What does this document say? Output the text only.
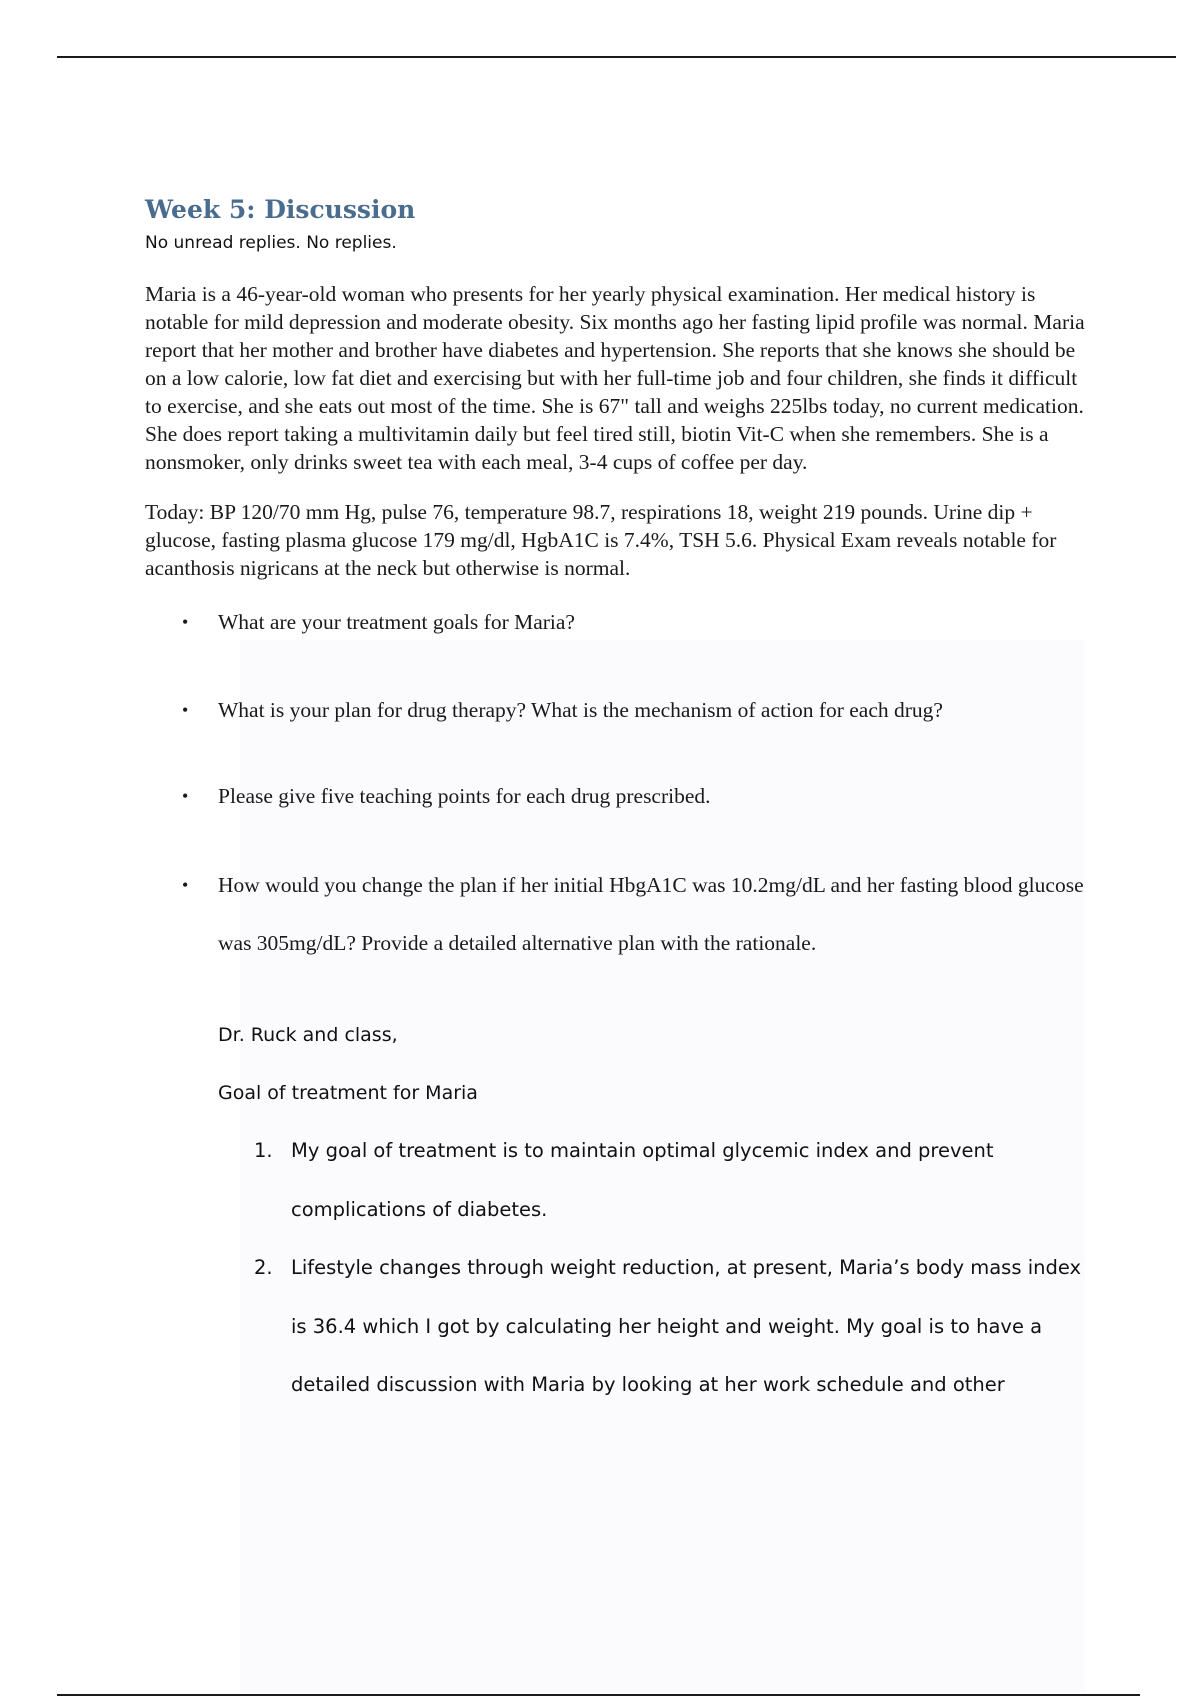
Week 5: Discussion
No unread replies. No replies.

Maria is a 46-year-old woman who presents for her yearly physical examination. Her medical history is notable for mild depression and moderate obesity. Six months ago her fasting lipid profile was normal. Maria report that her mother and brother have diabetes and hypertension. She reports that she knows she should be on a low calorie, low fat diet and exercising but with her full-time job and four children, she finds it difficult to exercise, and she eats out most of the time. She is 67" tall and weighs 225lbs today, no current medication. She does report taking a multivitamin daily but feel tired still, biotin Vit-C when she remembers. She is a nonsmoker, only drinks sweet tea with each meal, 3-4 cups of coffee per day.

Today: BP 120/70 mm Hg, pulse 76, temperature 98.7, respirations 18, weight 219 pounds. Urine dip + glucose, fasting plasma glucose 179 mg/dl, HgbA1C is 7.4%, TSH 5.6. Physical Exam reveals notable for acanthosis nigricans at the neck but otherwise is normal.

• What are your treatment goals for Maria?
• What is your plan for drug therapy? What is the mechanism of action for each drug?
• Please give five teaching points for each drug prescribed.
• How would you change the plan if her initial HbgA1C was 10.2mg/dL and her fasting blood glucose was 305mg/dL? Provide a detailed alternative plan with the rationale.

Dr. Ruck and class,

Goal of treatment for Maria

1. My goal of treatment is to maintain optimal glycemic index and prevent complications of diabetes.
2. Lifestyle changes through weight reduction, at present, Maria’s body mass index is 36.4 which I got by calculating her height and weight. My goal is to have a detailed discussion with Maria by looking at her work schedule and other
